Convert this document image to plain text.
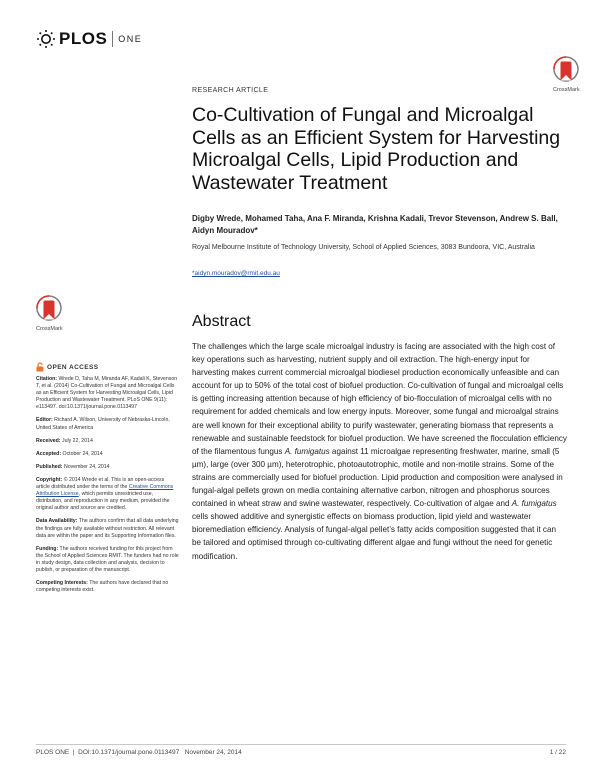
PLOS ONE
CrossMark
RESEARCH ARTICLE
Co-Cultivation of Fungal and Microalgal Cells as an Efficient System for Harvesting Microalgal Cells, Lipid Production and Wastewater Treatment
Digby Wrede, Mohamed Taha, Ana F. Miranda, Krishna Kadali, Trevor Stevenson, Andrew S. Ball, Aidyn Mouradov*
Royal Melbourne Institute of Technology University, School of Applied Sciences, 3083 Bundoora, VIC, Australia
*aidyn.mouradov@rmit.edu.au
CrossMark	Abstract
The challenges which the large scale microalgal industry is facing are associated with the high cost of key operations such as harvesting, nutrient supply and oil extraction. The high-energy input for harvesting makes current commercial microalgal biodiesel production economically unfeasible and can account for up to 50% of the total cost of biofuel production. Co-cultivation of fungal and microalgal cells is getting increasing attention because of high efficiency of bio-flocculation of microalgal cells with no requirement for added chemicals and low energy inputs. Moreover, some fungal and microalgal strains are well known for their exceptional ability to purify wastewater, generating biomass that represents a renewable and sustainable feedstock for biofuel production. We have screened the flocculation efficiency of the filamentous fungus A. fumigatus against 11 microalgae representing freshwater, marine, small (5 µm), large (over 300 µm), heterotrophic, photoautotrophic, motile and non-motile strains. Some of the strains are commercially used for biofuel production. Lipid production and composition were analysed in fungal-algal pellets grown on media containing alternative carbon, nitrogen and phosphorus sources contained in wheat straw and swine wastewater, respectively. Co-cultivation of algae and A. fumigatus cells showed additive and synergistic effects on biomass production, lipid yield and wastewater bioremediation efficiency. Analysis of fungal-algal pellet’s fatty acids composition suggested that it can be tailored and optimised through co-cultivating different algae and fungi without the need for genetic modification.
OPEN ACCESS
Citation: Wrede D, Taha M, Miranda AF, Kadali K, Stevenson T, et al. (2014) Co-Cultivation of Fungal and Microalgal Cells as an Efficient System for Harvesting Microalgal Cells, Lipid Production and Wastewater Treatment. PLoS ONE 9(11): e113497. doi:10.1371/journal.pone.0113497
Editor: Richard A. Wilson, University of Nebraska-Lincoln, United States of America
Received: July 22, 2014
Accepted: October 24, 2014
Published: November 24, 2014
Copyright: © 2014 Wrede et al. This is an open-access article distributed under the terms of the Creative Commons Attribution License, which permits unrestricted use, distribution, and reproduction in any medium, provided the original author and source are credited.
Data Availability: The authors confirm that all data underlying the findings are fully available without restriction. All relevant data are within the paper and its Supporting Information files.
Funding: The authors received funding for this project from the School of Applied Sciences RMIT. The funders had no role in study design, data collection and analysis, decision to publish, or preparation of the manuscript.
Competing Interests: The authors have declared that no competing interests exist.
PLOS ONE  |  DOI:10.1371/journal.pone.0113497   November 24, 2014	1 / 22
